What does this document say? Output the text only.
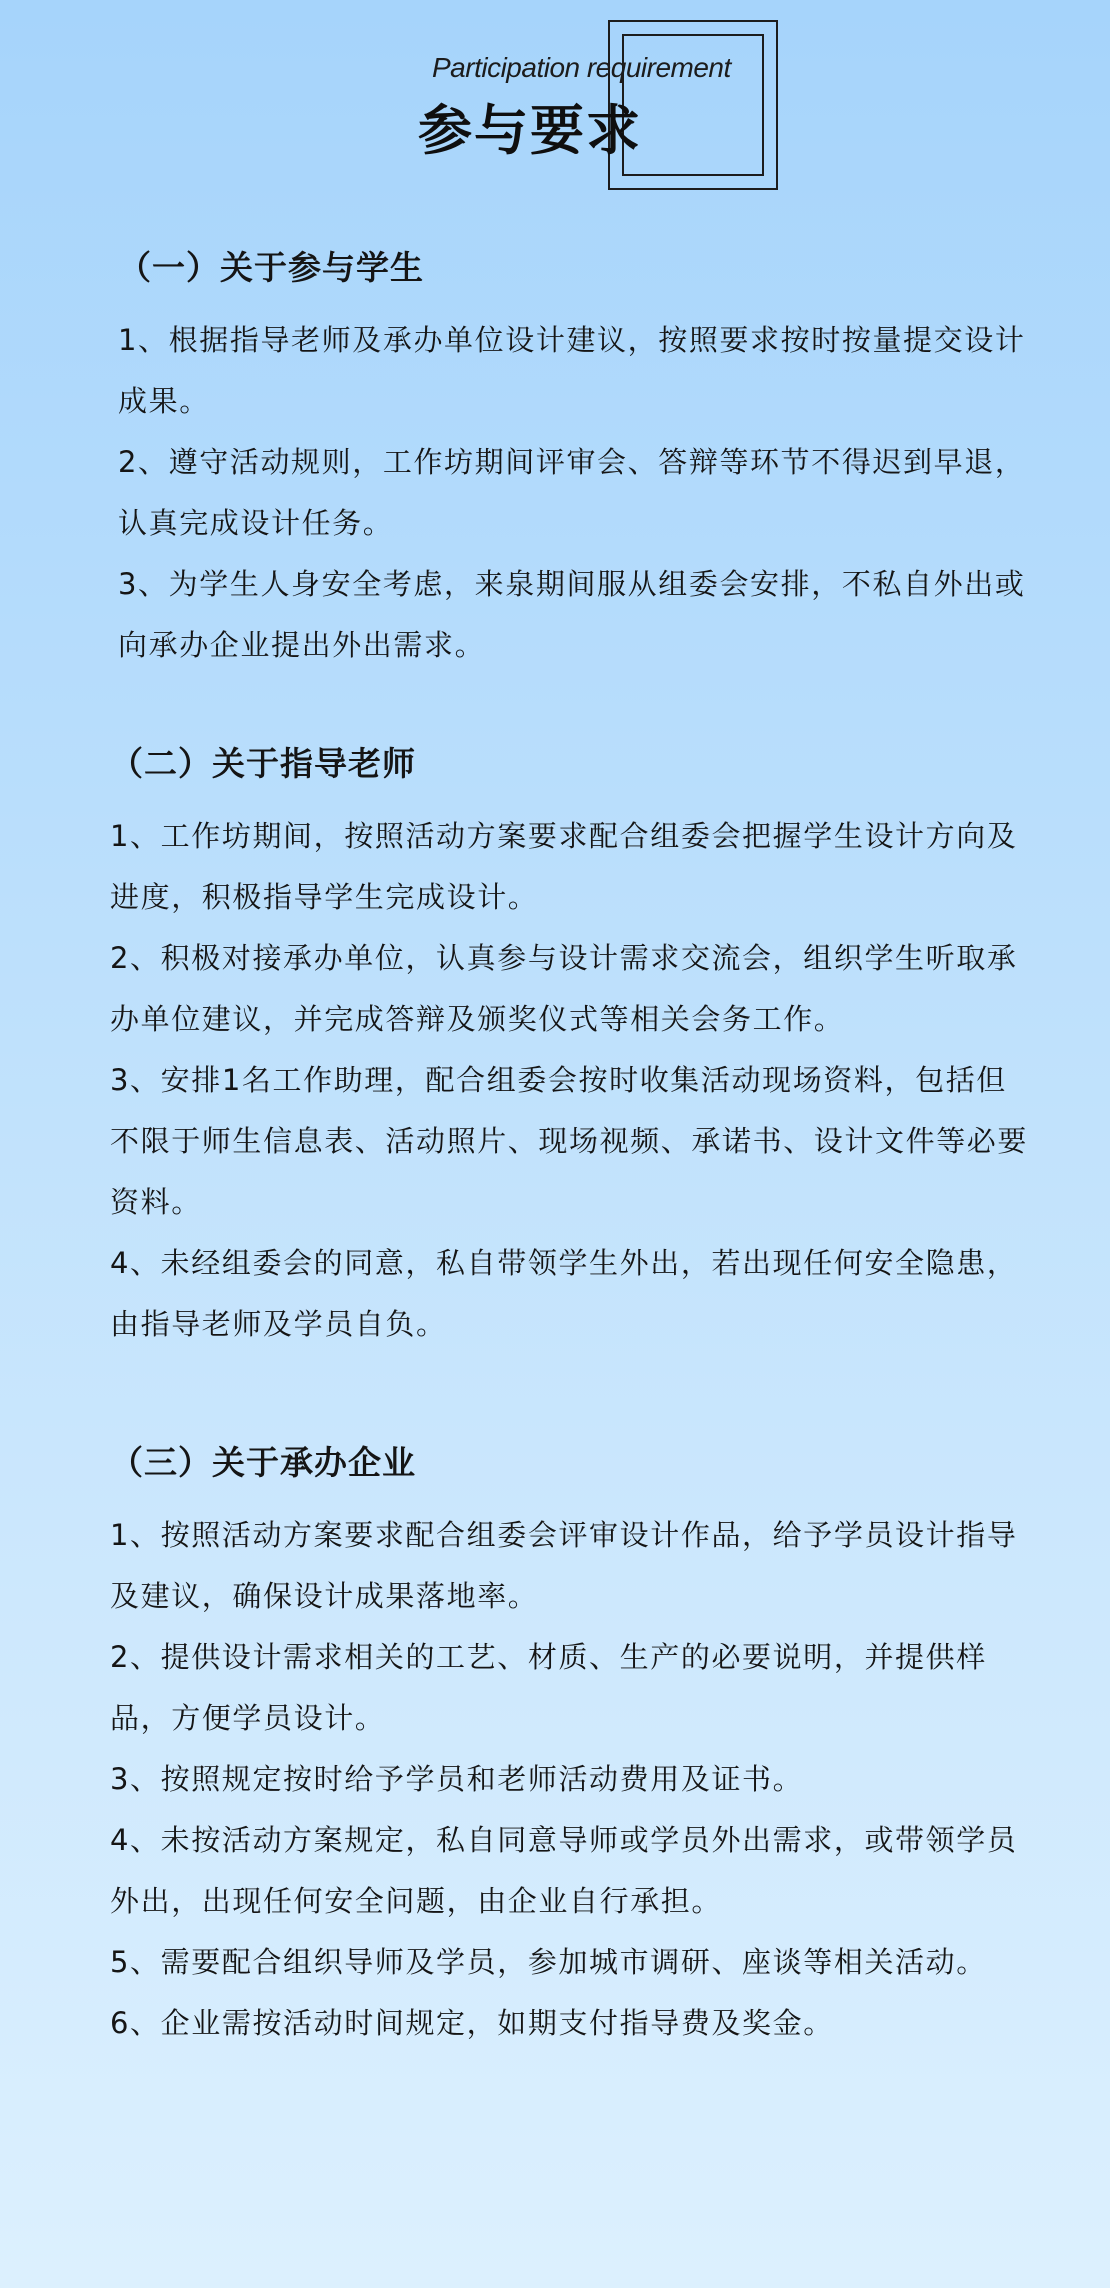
Participation requirement
参与要求
（一）关于参与学生

1、根据指导老师及承办单位设计建议，按照要求按时按量提交设计成果。

2、遵守活动规则，工作坊期间评审会、答辩等环节不得迟到早退，认真完成设计任务。

3、为学生人身安全考虑，来泉期间服从组委会安排，不私自外出或向承办企业提出外出需求。

（二）关于指导老师

1、工作坊期间，按照活动方案要求配合组委会把握学生设计方向及进度，积极指导学生完成设计。

2、积极对接承办单位，认真参与设计需求交流会，组织学生听取承办单位建议，并完成答辩及颁奖仪式等相关会务工作。

3、安排1名工作助理，配合组委会按时收集活动现场资料，包括但不限于师生信息表、活动照片、现场视频、承诺书、设计文件等必要资料。

4、未经组委会的同意，私自带领学生外出，若出现任何安全隐患，由指导老师及学员自负。

（三）关于承办企业

1、按照活动方案要求配合组委会评审设计作品，给予学员设计指导及建议，确保设计成果落地率。

2、提供设计需求相关的工艺、材质、生产的必要说明，并提供样品，方便学员设计。

3、按照规定按时给予学员和老师活动费用及证书。

4、未按活动方案规定，私自同意导师或学员外出需求，或带领学员外出，出现任何安全问题，由企业自行承担。

5、需要配合组织导师及学员，参加城市调研、座谈等相关活动。

6、企业需按活动时间规定，如期支付指导费及奖金。
